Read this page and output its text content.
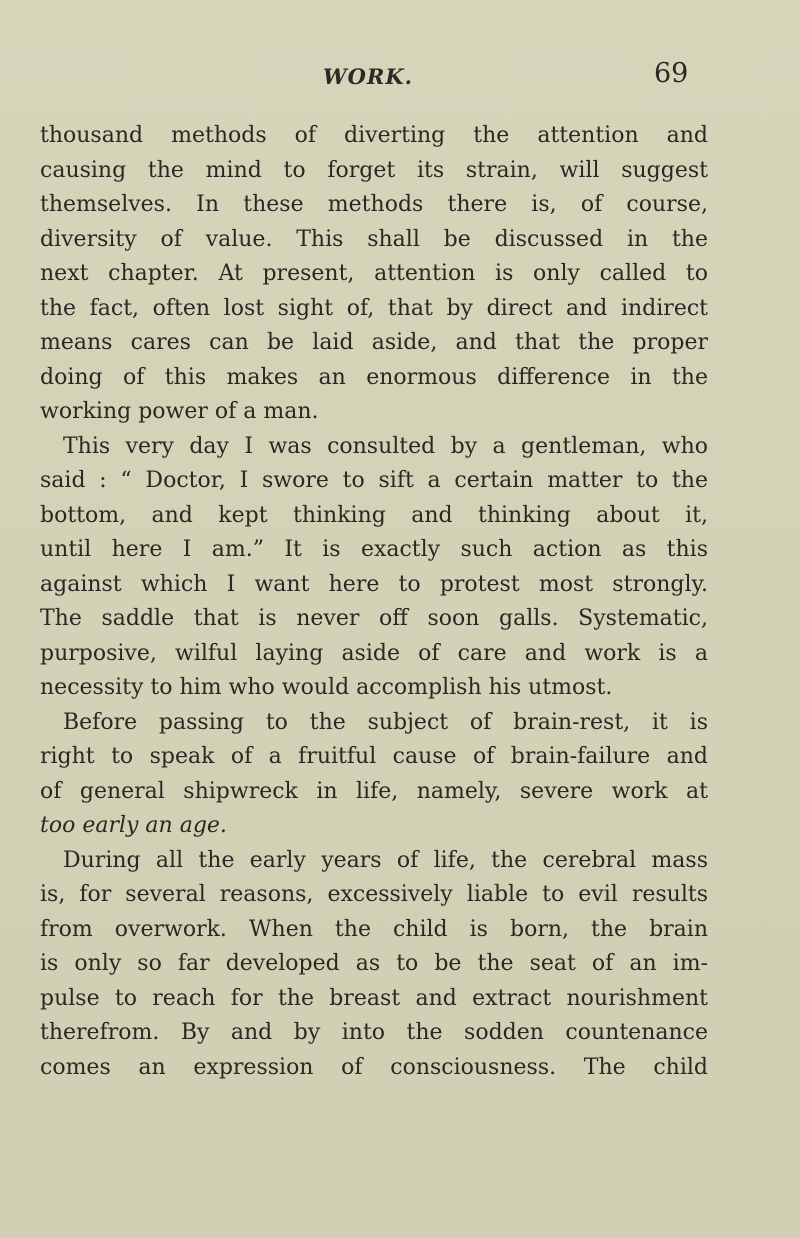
WORK.	69
thousand methods of diverting the attention and
causing the mind to forget its strain, will suggest
themselves. In these methods there is, of course,
diversity of value. This shall be discussed in the
next chapter. At present, attention is only called to
the fact, often lost sight of, that by direct and indirect
means cares can be laid aside, and that the proper
doing of this makes an enormous difference in the
working power of a man.
This very day I was consulted by a gentleman, who
said : “ Doctor, I swore to sift a certain matter to the
bottom, and kept thinking and thinking about it,
until here I am.” It is exactly such action as this
against which I want here to protest most strongly.
The saddle that is never off soon galls. Systematic,
purposive, wilful laying aside of care and work is a
necessity to him who would accomplish his utmost.
Before passing to the subject of brain-rest, it is
right to speak of a fruitful cause of brain-failure and
of general shipwreck in life, namely, severe work at
too early an age.
During all the early years of life, the cerebral mass
is, for several reasons, excessively liable to evil results
from overwork. When the child is born, the brain
is only so far developed as to be the seat of an im-
pulse to reach for the breast and extract nourishment
therefrom. By and by into the sodden countenance
comes an expression of consciousness. The child
